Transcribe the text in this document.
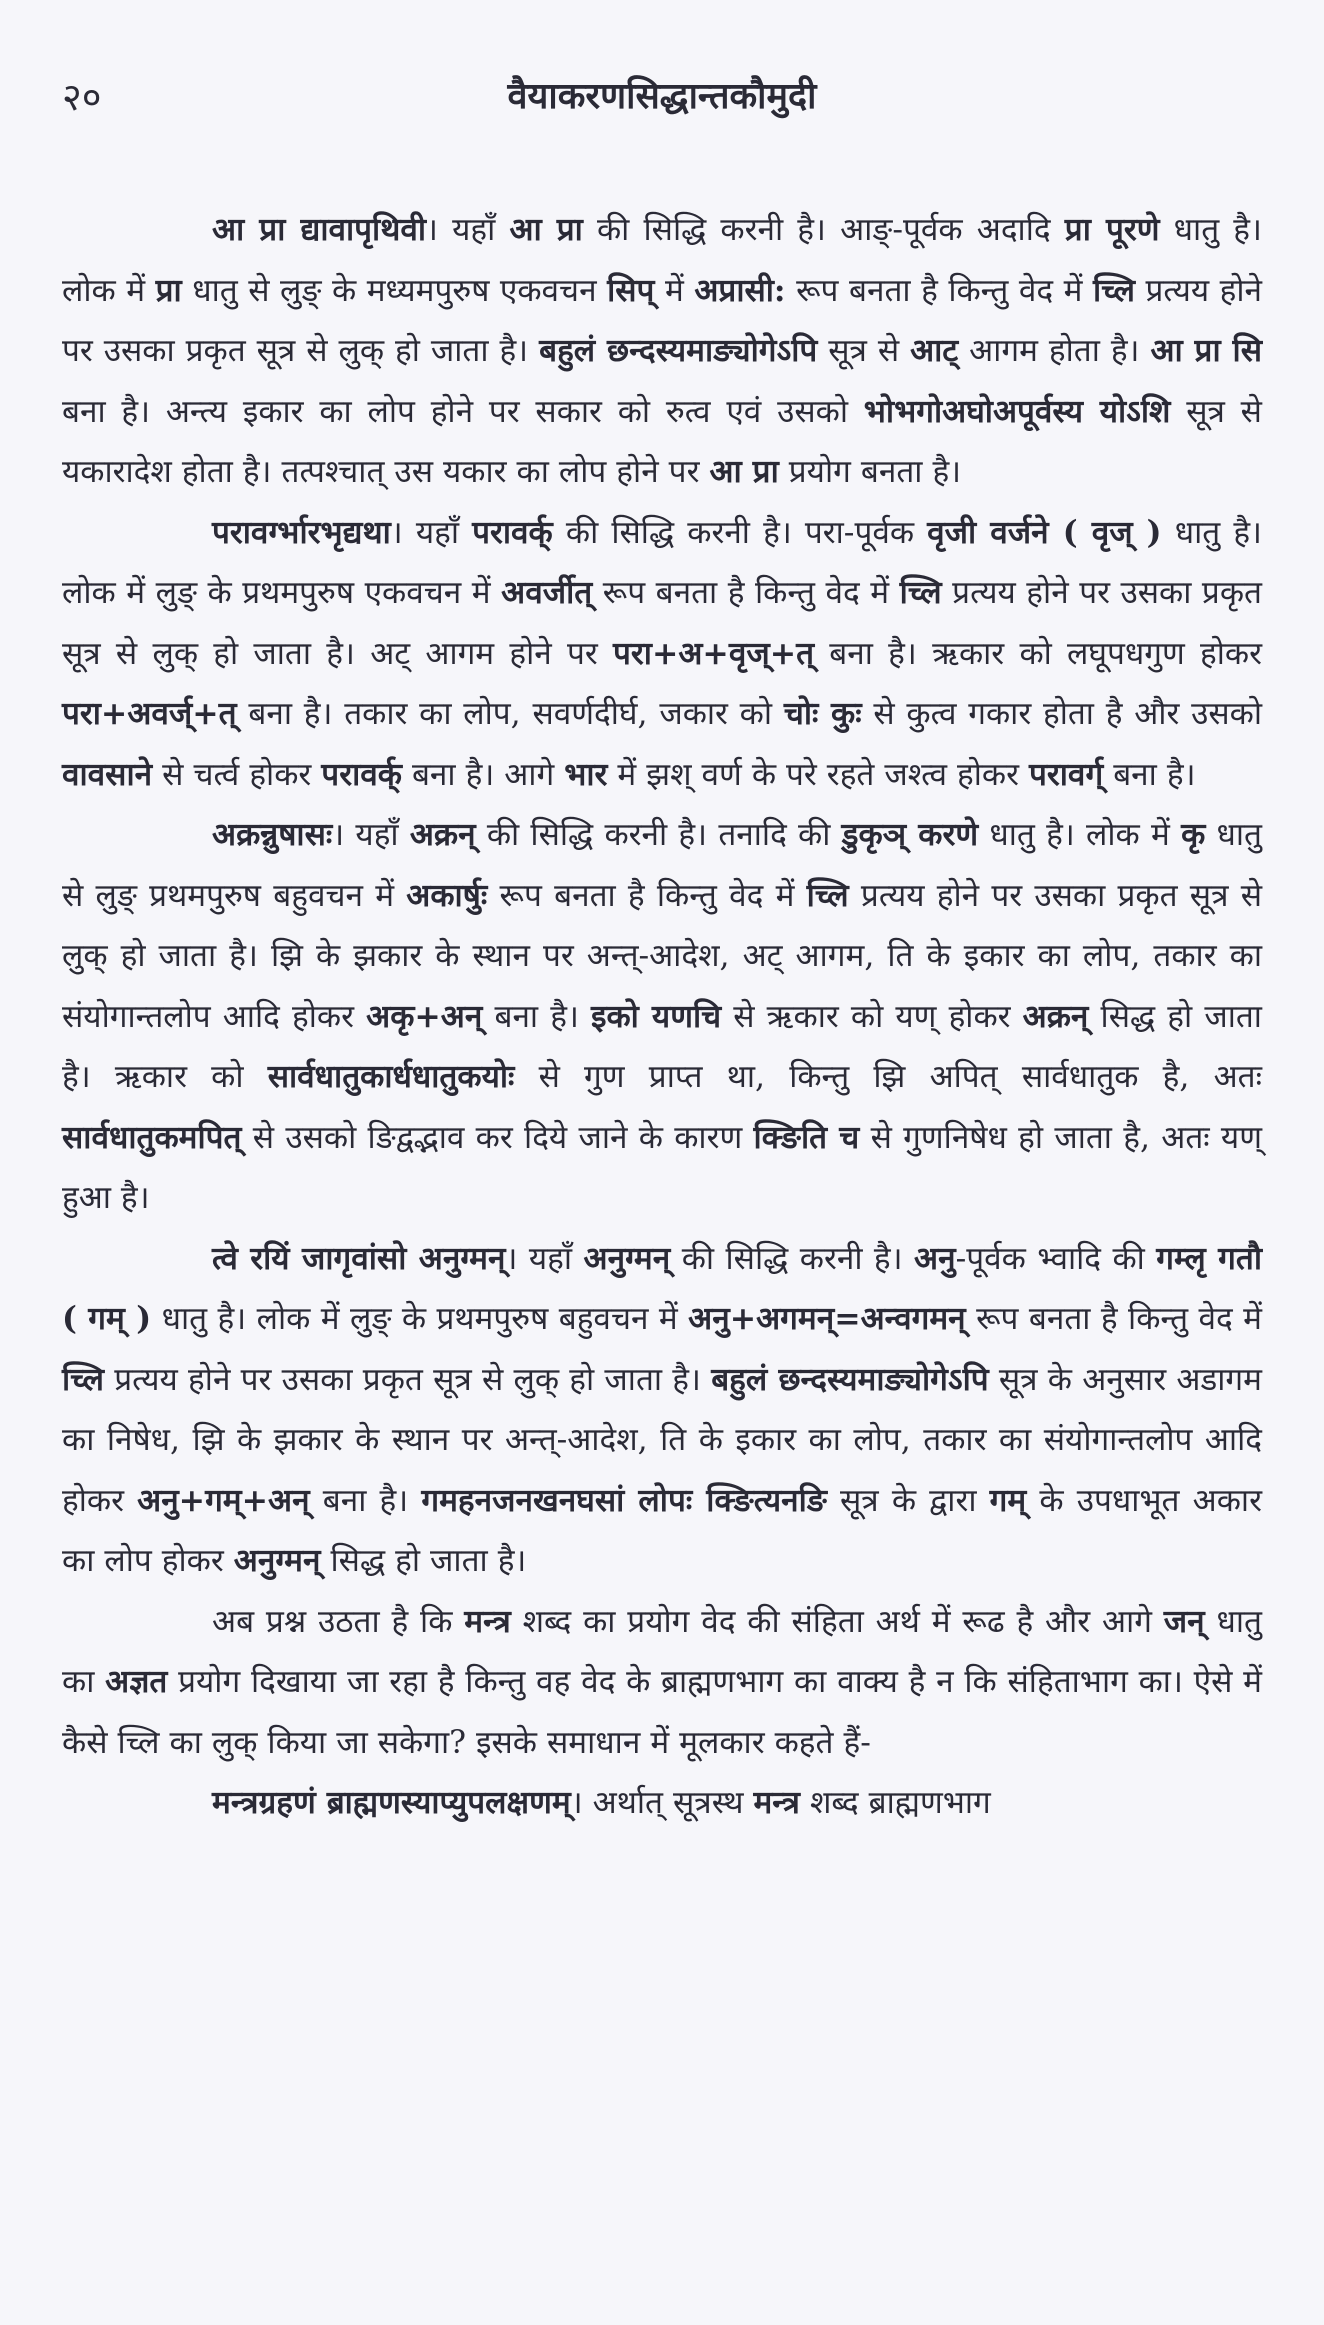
२०	वैयाकरणसिद्धान्तकौमुदी

आ प्रा द्यावापृथिवी। यहाँ आ प्रा की सिद्धि करनी है। आङ्-पूर्वक अदादि प्रा पूरणे धातु है। लोक में प्रा धातु से लुङ् के मध्यमपुरुष एकवचन सिप् में अप्रासी: रूप बनता है किन्तु वेद में च्लि प्रत्यय होने पर उसका प्रकृत सूत्र से लुक् हो जाता है। बहुलं छन्दस्यमाङ्योगेऽपि सूत्र से आट् आगम होता है। आ प्रा सि बना है। अन्त्य इकार का लोप होने पर सकार को रुत्व एवं उसको भोभगोअघोअपूर्वस्य योऽशि सूत्र से यकारादेश होता है। तत्पश्चात् उस यकार का लोप होने पर आ प्रा प्रयोग बनता है।

परावर्ग्भारभृद्यथा। यहाँ परावर्क् की सिद्धि करनी है। परा-पूर्वक वृजी वर्जने ( वृज् ) धातु है। लोक में लुङ् के प्रथमपुरुष एकवचन में अवर्जीत् रूप बनता है किन्तु वेद में च्लि प्रत्यय होने पर उसका प्रकृत सूत्र से लुक् हो जाता है। अट् आगम होने पर परा+अ+वृज्+त् बना है। ऋकार को लघूपधगुण होकर परा+अवर्ज्+त् बना है। तकार का लोप, सवर्णदीर्घ, जकार को चोः कुः से कुत्व गकार होता है और उसको वावसाने से चर्त्व होकर परावर्क् बना है। आगे भार में झश् वर्ण के परे रहते जश्त्व होकर परावर्ग् बना है।

अक्रन्नुषासः। यहाँ अक्रन् की सिद्धि करनी है। तनादि की डुकृञ् करणे धातु है। लोक में कृ धातु से लुङ् प्रथमपुरुष बहुवचन में अकार्षुः रूप बनता है किन्तु वेद में च्लि प्रत्यय होने पर उसका प्रकृत सूत्र से लुक् हो जाता है। झि के झकार के स्थान पर अन्त्-आदेश, अट् आगम, ति के इकार का लोप, तकार का संयोगान्तलोप आदि होकर अकृ+अन् बना है। इको यणचि से ऋकार को यण् होकर अक्रन् सिद्ध हो जाता है। ऋकार को सार्वधातुकार्धधातुकयोः से गुण प्राप्त था, किन्तु झि अपित् सार्वधातुक है, अतः सार्वधातुकमपित् से उसको ङिद्वद्भाव कर दिये जाने के कारण क्ङिति च से गुणनिषेध हो जाता है, अतः यण् हुआ है।

त्वे रयिं जागृवांसो अनुग्मन्। यहाँ अनुग्मन् की सिद्धि करनी है। अनु-पूर्वक भ्वादि की गम्लृ गतौ ( गम् ) धातु है। लोक में लुङ् के प्रथमपुरुष बहुवचन में अनु+अगमन्=अन्वगमन् रूप बनता है किन्तु वेद में च्लि प्रत्यय होने पर उसका प्रकृत सूत्र से लुक् हो जाता है। बहुलं छन्दस्यमाङ्योगेऽपि सूत्र के अनुसार अडागम का निषेध, झि के झकार के स्थान पर अन्त्-आदेश, ति के इकार का लोप, तकार का संयोगान्तलोप आदि होकर अनु+गम्+अन् बना है। गमहनजनखनघसां लोपः क्ङित्यनङि सूत्र के द्वारा गम् के उपधाभूत अकार का लोप होकर अनुग्मन् सिद्ध हो जाता है।

अब प्रश्न उठता है कि मन्त्र शब्द का प्रयोग वेद की संहिता अर्थ में रूढ है और आगे जन् धातु का अज्ञत प्रयोग दिखाया जा रहा है किन्तु वह वेद के ब्राह्मणभाग का वाक्य है न कि संहिताभाग का। ऐसे में कैसे च्लि का लुक् किया जा सकेगा? इसके समाधान में मूलकार कहते हैं-

मन्त्रग्रहणं ब्राह्मणस्याप्युपलक्षणम्। अर्थात् सूत्रस्थ मन्त्र शब्द ब्राह्मणभाग
